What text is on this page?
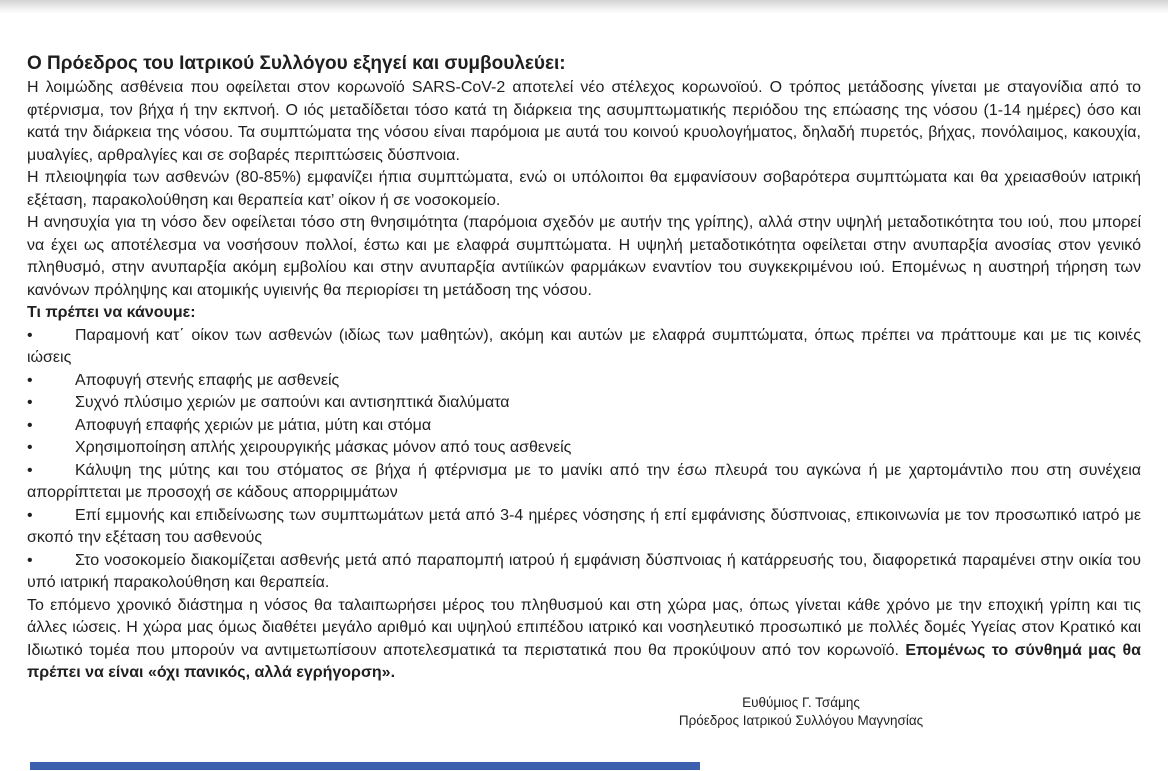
Ο Πρόεδρος του Ιατρικού Συλλόγου εξηγεί και συμβουλεύει:

Η λοιμώδης ασθένεια που οφείλεται στον κορωνοϊό SARS-CoV-2 αποτελεί νέο στέλεχος κορωνοϊού. Ο τρόπος μετάδοσης γίνεται με σταγονίδια από το φτέρνισμα, τον βήχα ή την εκπνοή. Ο ιός μεταδίδεται τόσο κατά τη διάρκεια της ασυμπτωματικής περιόδου της επώασης της νόσου (1-14 ημέρες) όσο και κατά την διάρκεια της νόσου. Τα συμπτώματα της νόσου είναι παρόμοια με αυτά του κοινού κρυολογήματος, δηλαδή πυρετός, βήχας, πονόλαιμος, κακουχία, μυαλγίες, αρθραλγίες και σε σοβαρές περιπτώσεις δύσπνοια.

Η πλειοψηφία των ασθενών (80-85%) εμφανίζει ήπια συμπτώματα, ενώ οι υπόλοιποι θα εμφανίσουν σοβαρότερα συμπτώματα και θα χρειασθούν ιατρική εξέταση, παρακολούθηση και θεραπεία κατ’ οίκον ή σε νοσοκομείο.

Η ανησυχία για τη νόσο δεν οφείλεται τόσο στη θνησιμότητα (παρόμοια σχεδόν με αυτήν της γρίπης), αλλά στην υψηλή μεταδοτικότητα του ιού, που μπορεί να έχει ως αποτέλεσμα να νοσήσουν πολλοί, έστω και με ελαφρά συμπτώματα. Η υψηλή μεταδοτικότητα οφείλεται στην ανυπαρξία ανοσίας στον γενικό πληθυσμό, στην ανυπαρξία ακόμη εμβολίου και στην ανυπαρξία αντιϊικών φαρμάκων εναντίον του συγκεκριμένου ιού. Επομένως η αυστηρή τήρηση των κανόνων πρόληψης και ατομικής υγιεινής θα περιορίσει τη μετάδοση της νόσου.

Τι πρέπει να κάνουμε:

•	Παραμονή κατ΄ οίκον των ασθενών (ιδίως των μαθητών), ακόμη και αυτών με ελαφρά συμπτώματα, όπως πρέπει να πράττουμε και με τις κοινές ιώσεις

•	Αποφυγή στενής επαφής με ασθενείς

•	Συχνό πλύσιμο χεριών με σαπούνι και αντισηπτικά διαλύματα

•	Αποφυγή επαφής χεριών με μάτια, μύτη και στόμα

•	Χρησιμοποίηση απλής χειρουργικής μάσκας μόνον από τους ασθενείς

•	Κάλυψη της μύτης και του στόματος σε βήχα ή φτέρνισμα με το μανίκι από την έσω πλευρά του αγκώνα ή με χαρτομάντιλο που στη συνέχεια απορρίπτεται με προσοχή σε κάδους απορριμμάτων

•	Επί εμμονής και επιδείνωσης των συμπτωμάτων μετά από 3-4 ημέρες νόσησης ή επί εμφάνισης δύσπνοιας, επικοινωνία με τον προσωπικό ιατρό με σκοπό την εξέταση του ασθενούς

•	Στο νοσοκομείο διακομίζεται ασθενής μετά από παραπομπή ιατρού ή εμφάνιση δύσπνοιας ή κατάρρευσής του, διαφορετικά παραμένει στην οικία του υπό ιατρική παρακολούθηση και θεραπεία.

Το επόμενο χρονικό διάστημα η νόσος θα ταλαιπωρήσει μέρος του πληθυσμού και στη χώρα μας, όπως γίνεται κάθε χρόνο με την εποχική γρίπη και τις άλλες ιώσεις. Η χώρα μας όμως διαθέτει μεγάλο αριθμό και υψηλού επιπέδου ιατρικό και νοσηλευτικό προσωπικό με πολλές δομές Υγείας στον Κρατικό και Ιδιωτικό τομέα που μπορούν να αντιμετωπίσουν αποτελεσματικά τα περιστατικά που θα προκύψουν από τον κορωνοϊό. Επομένως το σύνθημά μας θα πρέπει να είναι «όχι πανικός, αλλά εγρήγορση».

Ευθύμιος Γ. Τσάμης
Πρόεδρος Ιατρικού Συλλόγου Μαγνησίας
